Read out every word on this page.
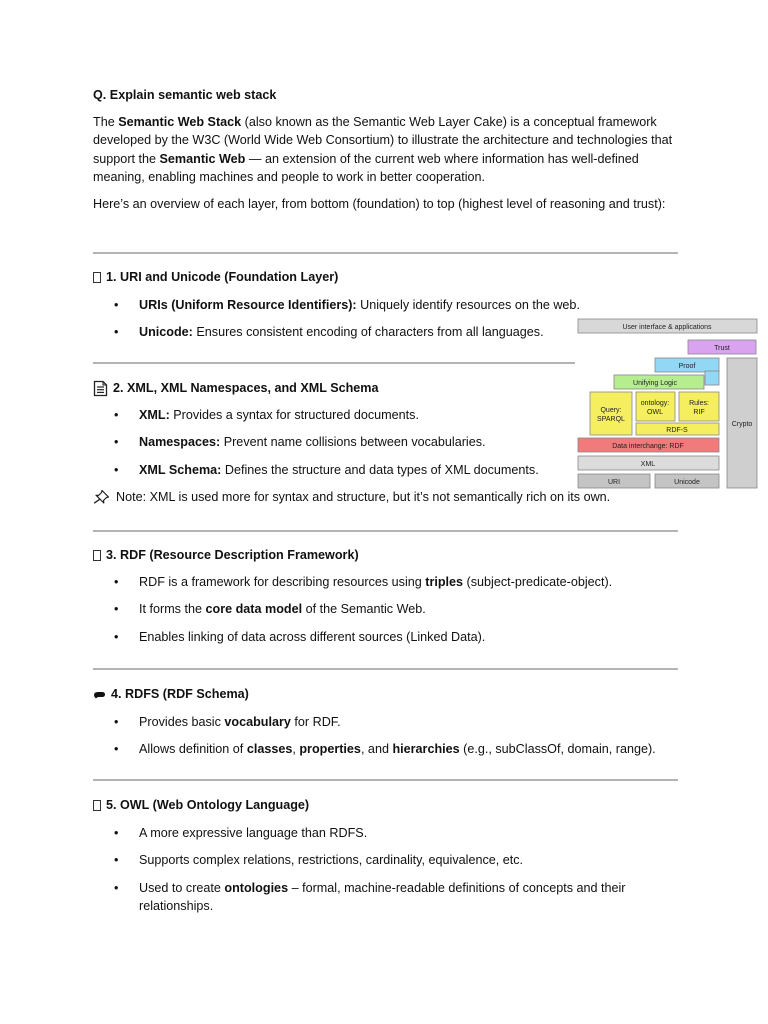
Q. Explain semantic web stack

The Semantic Web Stack (also known as the Semantic Web Layer Cake) is a conceptual framework developed by the W3C (World Wide Web Consortium) to illustrate the architecture and technologies that support the Semantic Web — an extension of the current web where information has well-defined meaning, enabling machines and people to work in better cooperation.

Here’s an overview of each layer, from bottom (foundation) to top (highest level of reasoning and trust):

1. URI and Unicode (Foundation Layer)
• URIs (Uniform Resource Identifiers): Uniquely identify resources on the web.
• Unicode: Ensures consistent encoding of characters from all languages.
2. XML, XML Namespaces, and XML Schema
• XML: Provides a syntax for structured documents.
• Namespaces: Prevent name collisions between vocabularies.
• XML Schema: Defines the structure and data types of XML documents.
Note: XML is used more for syntax and structure, but it’s not semantically rich on its own.
User interface & applications
Crypto
Trust
Proof
Unifying Logic
Query:
SPARQL
ontology:
OWL
Rules:
RIF
RDF-S
Data interchange: RDF
XML
URI	Unicode
3. RDF (Resource Description Framework)
• RDF is a framework for describing resources using triples (subject-predicate-object).
• It forms the core data model of the Semantic Web.
• Enables linking of data across different sources (Linked Data).
4. RDFS (RDF Schema)
• Provides basic vocabulary for RDF.
• Allows definition of classes, properties, and hierarchies (e.g., subClassOf, domain, range).
5. OWL (Web Ontology Language)
• A more expressive language than RDFS.
• Supports complex relations, restrictions, cardinality, equivalence, etc.
• Used to create ontologies – formal, machine-readable definitions of concepts and their relationships.
